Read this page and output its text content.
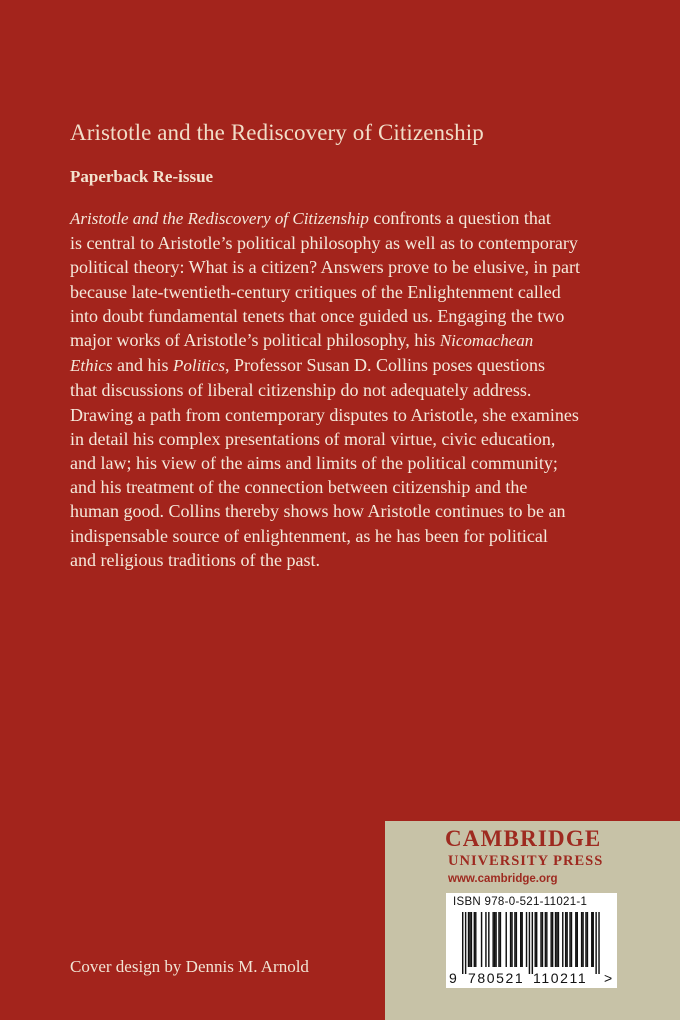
Aristotle and the Rediscovery of Citizenship
Paperback Re-issue
Aristotle and the Rediscovery of Citizenship confronts a question that
is central to Aristotle’s political philosophy as well as to contemporary
political theory: What is a citizen? Answers prove to be elusive, in part
because late-twentieth-century critiques of the Enlightenment called
into doubt fundamental tenets that once guided us. Engaging the two
major works of Aristotle’s political philosophy, his Nicomachean
Ethics and his Politics, Professor Susan D. Collins poses questions
that discussions of liberal citizenship do not adequately address.
Drawing a path from contemporary disputes to Aristotle, she examines
in detail his complex presentations of moral virtue, civic education,
and law; his view of the aims and limits of the political community;
and his treatment of the connection between citizenship and the
human good. Collins thereby shows how Aristotle continues to be an
indispensable source of enlightenment, as he has been for political
and religious traditions of the past.
Cover design by Dennis M. Arnold
CAMBRIDGE
UNIVERSITY PRESS
www.cambridge.org
ISBN 978-0-521-11021-1
9 780521 110211 >
